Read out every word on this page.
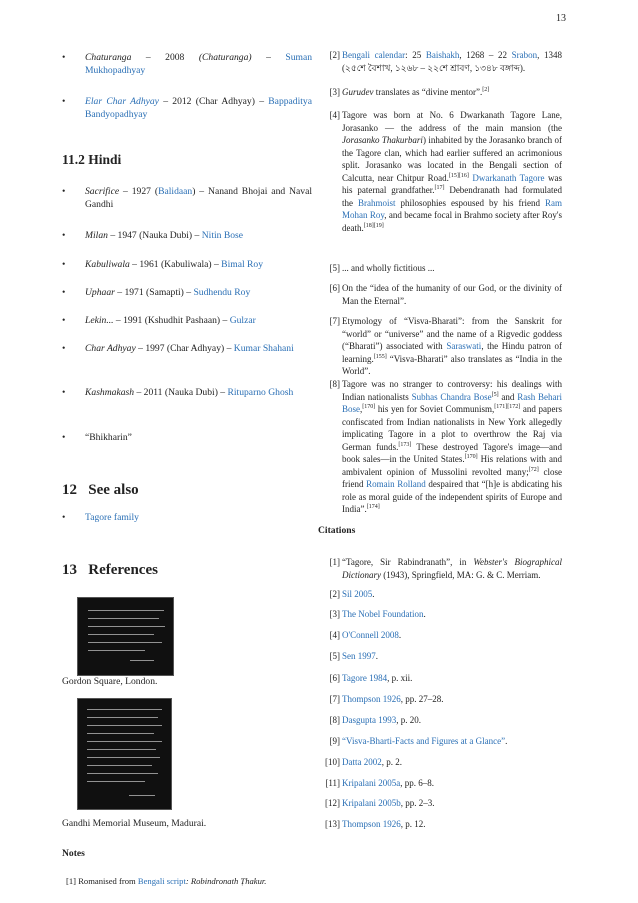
13
• Chaturanga – 2008 (Chaturanga) – Suman Mukhopadhyay
• Elar Char Adhyay – 2012 (Char Adhyay) – Bappaditya Bandyopadhyay
11.2 Hindi
• Sacrifice – 1927 (Balidaan) – Nanand Bhojai and Naval Gandhi
• Milan – 1947 (Nauka Dubi) – Nitin Bose
• Kabuliwala – 1961 (Kabuliwala) – Bimal Roy
• Uphaar – 1971 (Samapti) – Sudhendu Roy
• Lekin... – 1991 (Kshudhit Pashaan) – Gulzar
• Char Adhyay – 1997 (Char Adhyay) – Kumar Shahani
• Kashmakash – 2011 (Nauka Dubi) – Rituparno Ghosh
• “Bhikharin”
12   See also
• Tagore family
13   References
Gordon Square, London.
Gandhi Memorial Museum, Madurai.
Notes
[1] Romanised from Bengali script: Robindronath Ṭhakur.
[2] Bengali calendar: 25 Baishakh, 1268 – 22 Srabon, 1348 (২৫শে বৈশাখ, ১২৬৮ – ২২শে শ্রাবণ, ১৩৪৮ বঙ্গাব্দ).
[3] Gurudev translates as “divine mentor”.[2]
[4] Tagore was born at No. 6 Dwarkanath Tagore Lane, Jorasanko — the address of the main mansion (the Jorasanko Thakurbari) inhabited by the Jorasanko branch of the Tagore clan, which had earlier suffered an acrimonious split. Jorasanko was located in the Bengali section of Calcutta, near Chitpur Road.[15][16] Dwarkanath Tagore was his paternal grandfather.[17] Debendranath had formulated the Brahmoist philosophies espoused by his friend Ram Mohan Roy, and became focal in Brahmo society after Roy's death.[18][19]
[5] ... and wholly fictitious ...
[6] On the “idea of the humanity of our God, or the divinity of Man the Eternal”.
[7] Etymology of “Visva-Bharati”: from the Sanskrit for “world” or “universe” and the name of a Rigvedic goddess (“Bharati”) associated with Saraswati, the Hindu patron of learning.[155] “Visva-Bharati” also translates as “India in the World”.
[8] Tagore was no stranger to controversy: his dealings with Indian nationalists Subhas Chandra Bose[5] and Rash Behari Bose,[170] his yen for Soviet Communism,[171][172] and papers confiscated from Indian nationalists in New York allegedly implicating Tagore in a plot to overthrow the Raj via German funds.[173] These destroyed Tagore's image—and book sales—in the United States.[170] His relations with and ambivalent opinion of Mussolini revolted many;[72] close friend Romain Rolland despaired that “[h]e is abdicating his role as moral guide of the independent spirits of Europe and India”.[174]
Citations
[1] “Tagore, Sir Rabindranath”, in Webster's Biographical Dictionary (1943), Springfield, MA: G. & C. Merriam.
[2] Sil 2005.
[3] The Nobel Foundation.
[4] O'Connell 2008.
[5] Sen 1997.
[6] Tagore 1984, p. xii.
[7] Thompson 1926, pp. 27–28.
[8] Dasgupta 1993, p. 20.
[9] “Visva-Bharti-Facts and Figures at a Glance”.
[10] Datta 2002, p. 2.
[11] Kripalani 2005a, pp. 6–8.
[12] Kripalani 2005b, pp. 2–3.
[13] Thompson 1926, p. 12.
